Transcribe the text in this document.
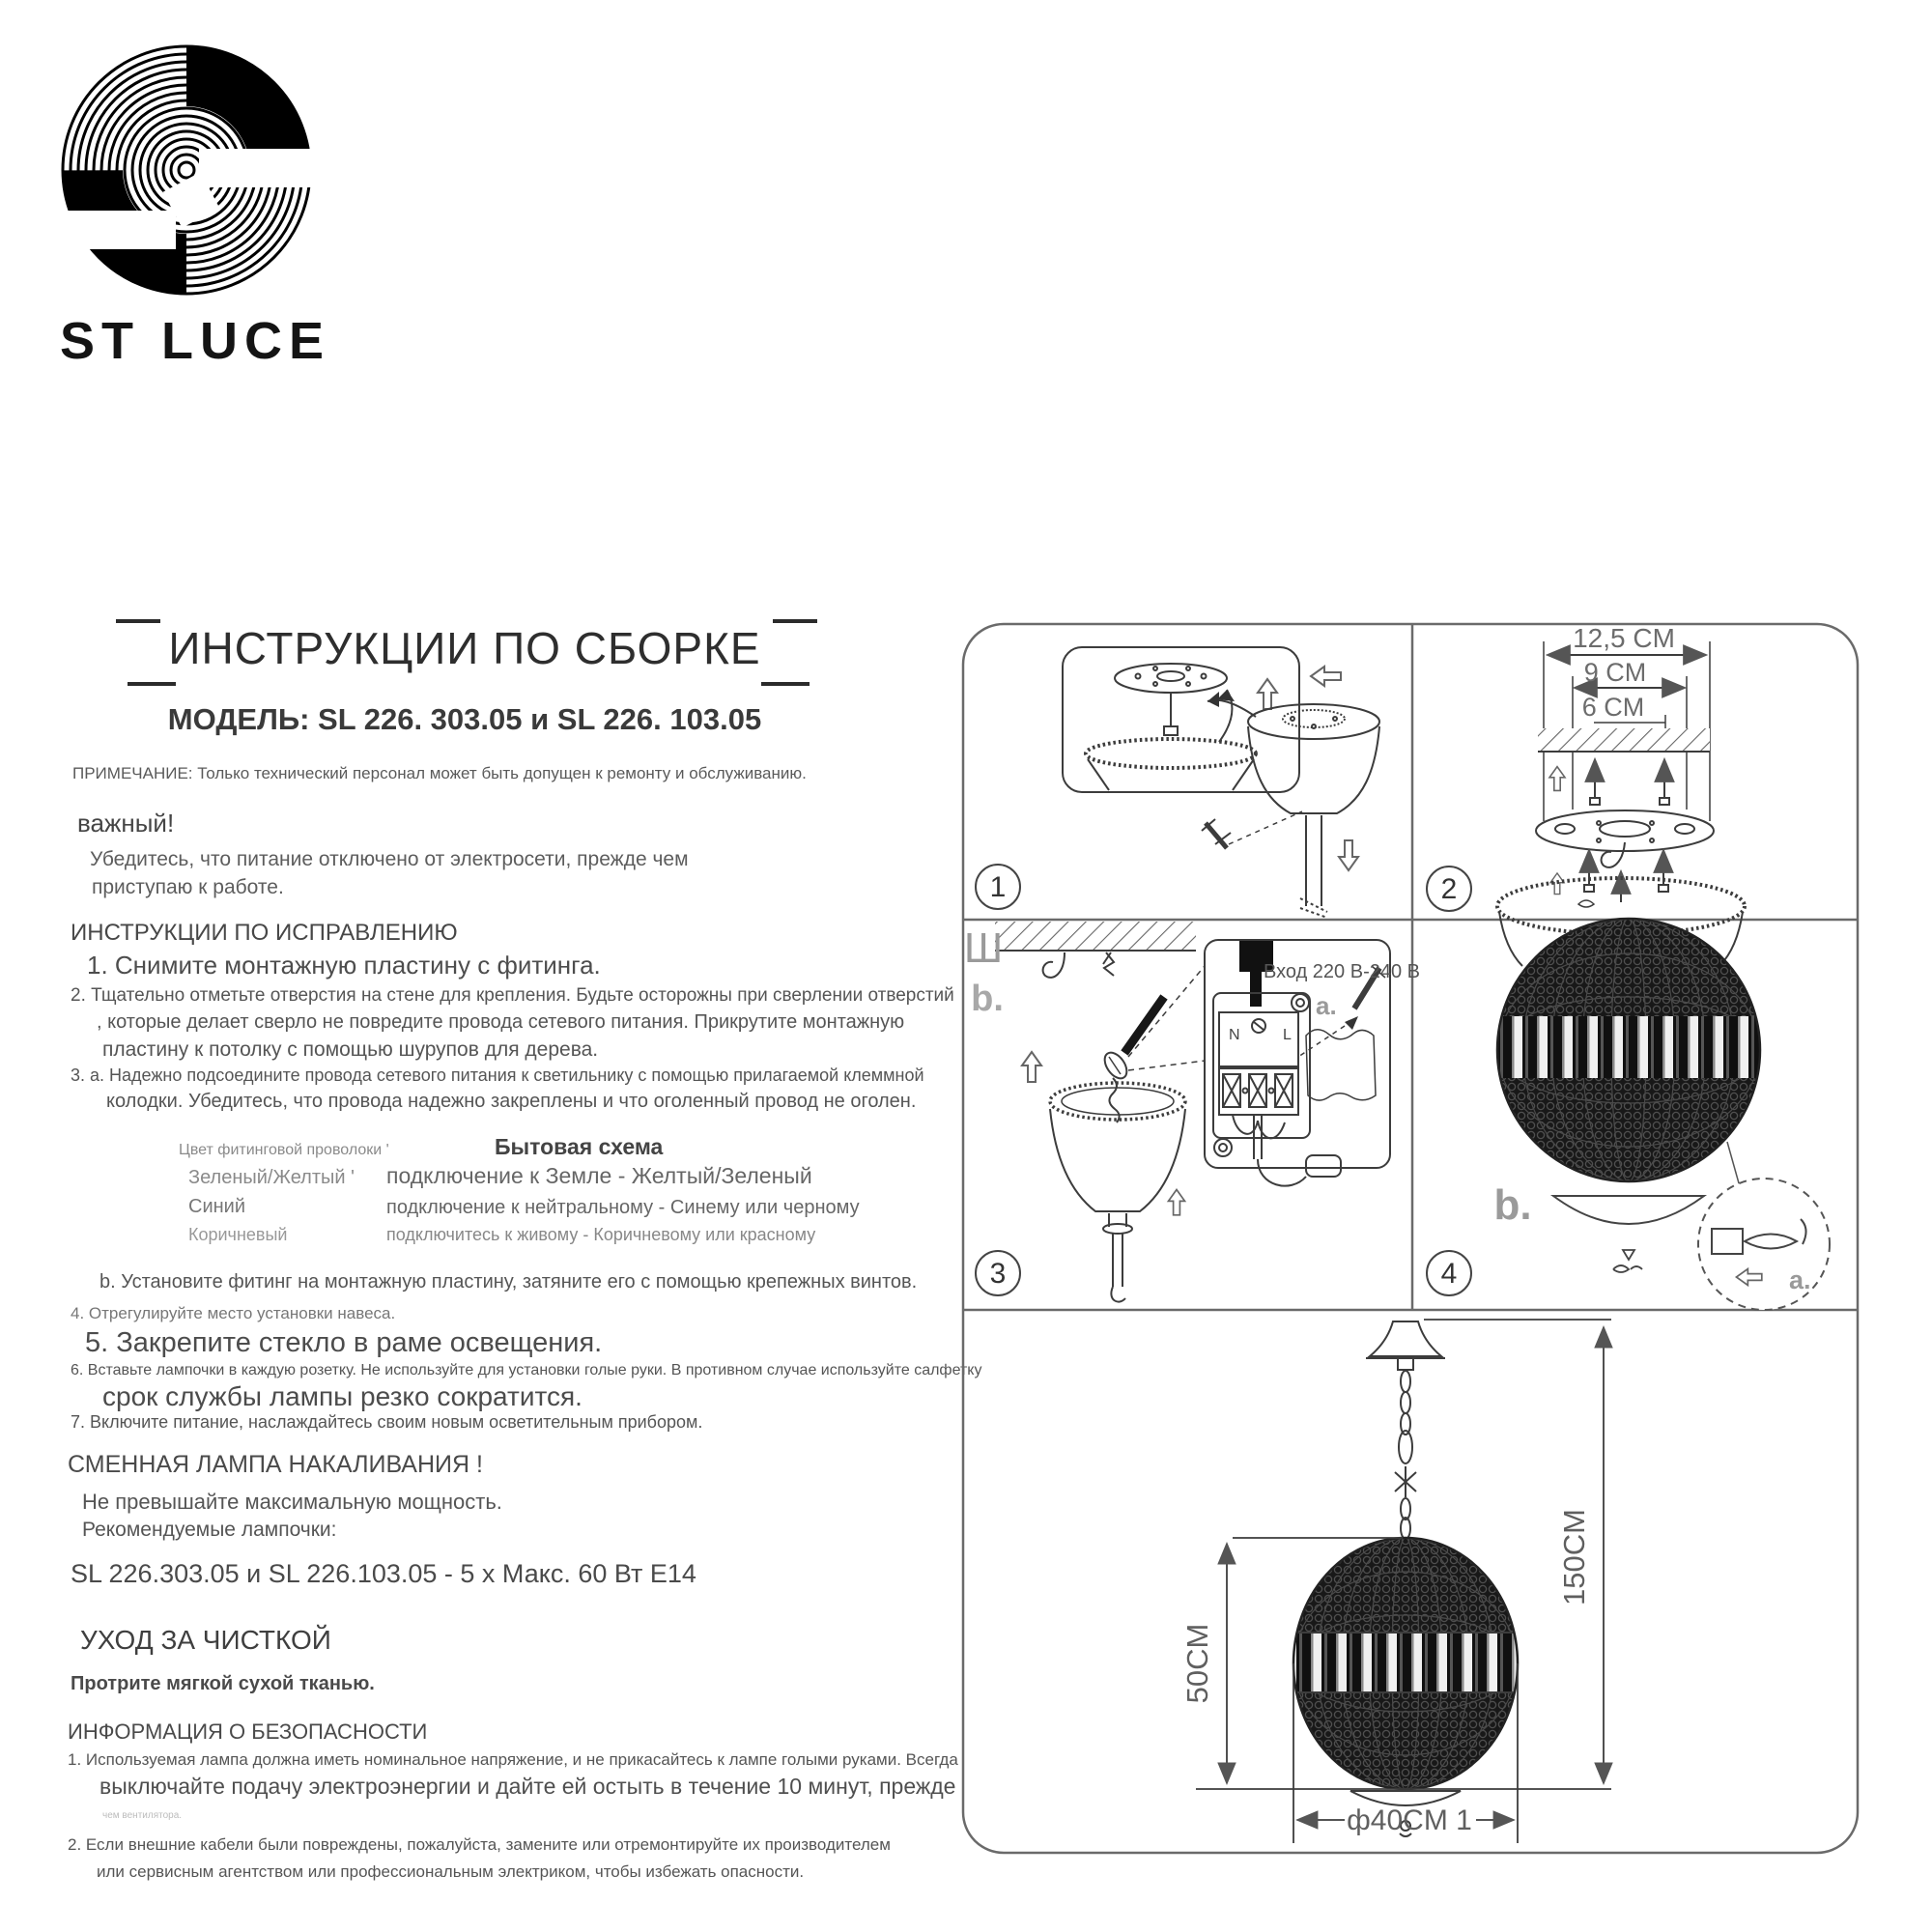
ST LUCE
ИНСТРУКЦИИ ПО СБОРКЕ
МОДЕЛЬ: SL 226. 303.05 и SL 226. 103.05
ПРИМЕЧАНИЕ: Только технический персонал может быть допущен к ремонту и обслуживанию.
важный!
Убедитесь, что питание отключено от электросети, прежде чем
приступаю к работе.
ИНСТРУКЦИИ ПО ИСПРАВЛЕНИЮ
1. Снимите монтажную пластину с фитинга.
2. Тщательно отметьте отверстия на стене для крепления. Будьте осторожны при сверлении отверстий
, которые делает сверло не повредите провода сетевого питания. Прикрутите монтажную
пластину к потолку с помощью шурупов для дерева.
3. а. Надежно подсоедините провода сетевого питания к светильнику с помощью прилагаемой клеммной
колодки. Убедитесь, что провода надежно закреплены и что оголенный провод не оголен.
Цвет фитинговой проволоки '	Бытовая схема
Зеленый/Желтый ' подключение к Земле - Желтый/Зеленый
Синий	подключение к нейтральному - Синему или черному
Коричневый	подключитесь к живому - Коричневому или красному
b. Установите фитинг на монтажную пластину, затяните его с помощью крепежных винтов.
4. Отрегулируйте место установки навеса.
5. Закрепите стекло в раме освещения.
6. Вставьте лампочки в каждую розетку. Не используйте для установки голые руки. В противном случае используйте салфетку
срок службы лампы резко сократится.
7. Включите питание, наслаждайтесь своим новым осветительным прибором.
СМЕННАЯ ЛАМПА НАКАЛИВАНИЯ !
Не превышайте максимальную мощность.
Рекомендуемые лампочки:
SL 226.303.05 и SL 226.103.05 - 5 x Макс. 60 Вт E14
УХОД ЗА ЧИСТКОЙ
Протрите мягкой сухой тканью.
ИНФОРМАЦИЯ О БЕЗОПАСНОСТИ
1. Используемая лампа должна иметь номинальное напряжение, и не прикасайтесь к лампе голыми руками. Всегда
выключайте подачу электроэнергии и дайте ей остыть в течение 10 минут, прежде
чем вентилятора.
2. Если внешние кабели были повреждены, пожалуйста, замените или отремонтируйте их производителем
или сервисным агентством или профессиональным электриком, чтобы избежать опасности.
1
12,5 CM
9 CM
6 CM
2
Ш
b.
Вход 220 В-240 В
N	L
a.
3
b.
a.
4
150CM
50CM
ф40CM 1
